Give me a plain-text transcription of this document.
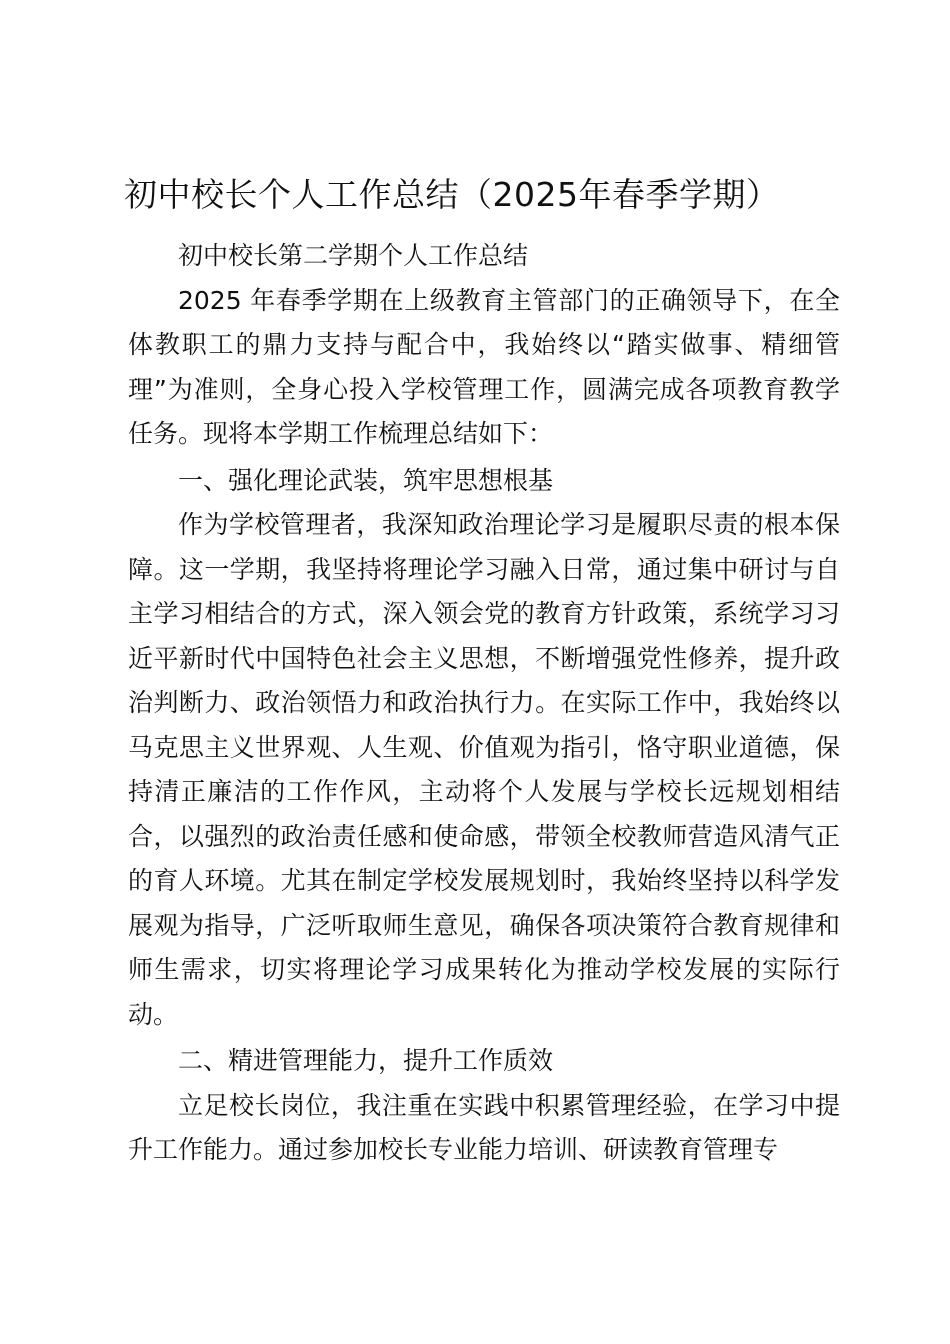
初中校长个人工作总结（2025年春季学期）

初中校长第二学期个人工作总结

2025 年春季学期在上级教育主管部门的正确领导下，在全体教职工的鼎力支持与配合中，我始终以“踏实做事、精细管理”为准则，全身心投入学校管理工作，圆满完成各项教育教学任务。现将本学期工作梳理总结如下：

一、强化理论武装，筑牢思想根基

作为学校管理者，我深知政治理论学习是履职尽责的根本保障。这一学期，我坚持将理论学习融入日常，通过集中研讨与自主学习相结合的方式，深入领会党的教育方针政策，系统学习习近平新时代中国特色社会主义思想，不断增强党性修养，提升政治判断力、政治领悟力和政治执行力。在实际工作中，我始终以马克思主义世界观、人生观、价值观为指引，恪守职业道德，保持清正廉洁的工作作风，主动将个人发展与学校长远规划相结合，以强烈的政治责任感和使命感，带领全校教师营造风清气正的育人环境。尤其在制定学校发展规划时，我始终坚持以科学发展观为指导，广泛听取师生意见，确保各项决策符合教育规律和师生需求，切实将理论学习成果转化为推动学校发展的实际行动。

二、精进管理能力，提升工作质效

立足校长岗位，我注重在实践中积累管理经验，在学习中提升工作能力。通过参加校长专业能力培训、研读教育管理专
